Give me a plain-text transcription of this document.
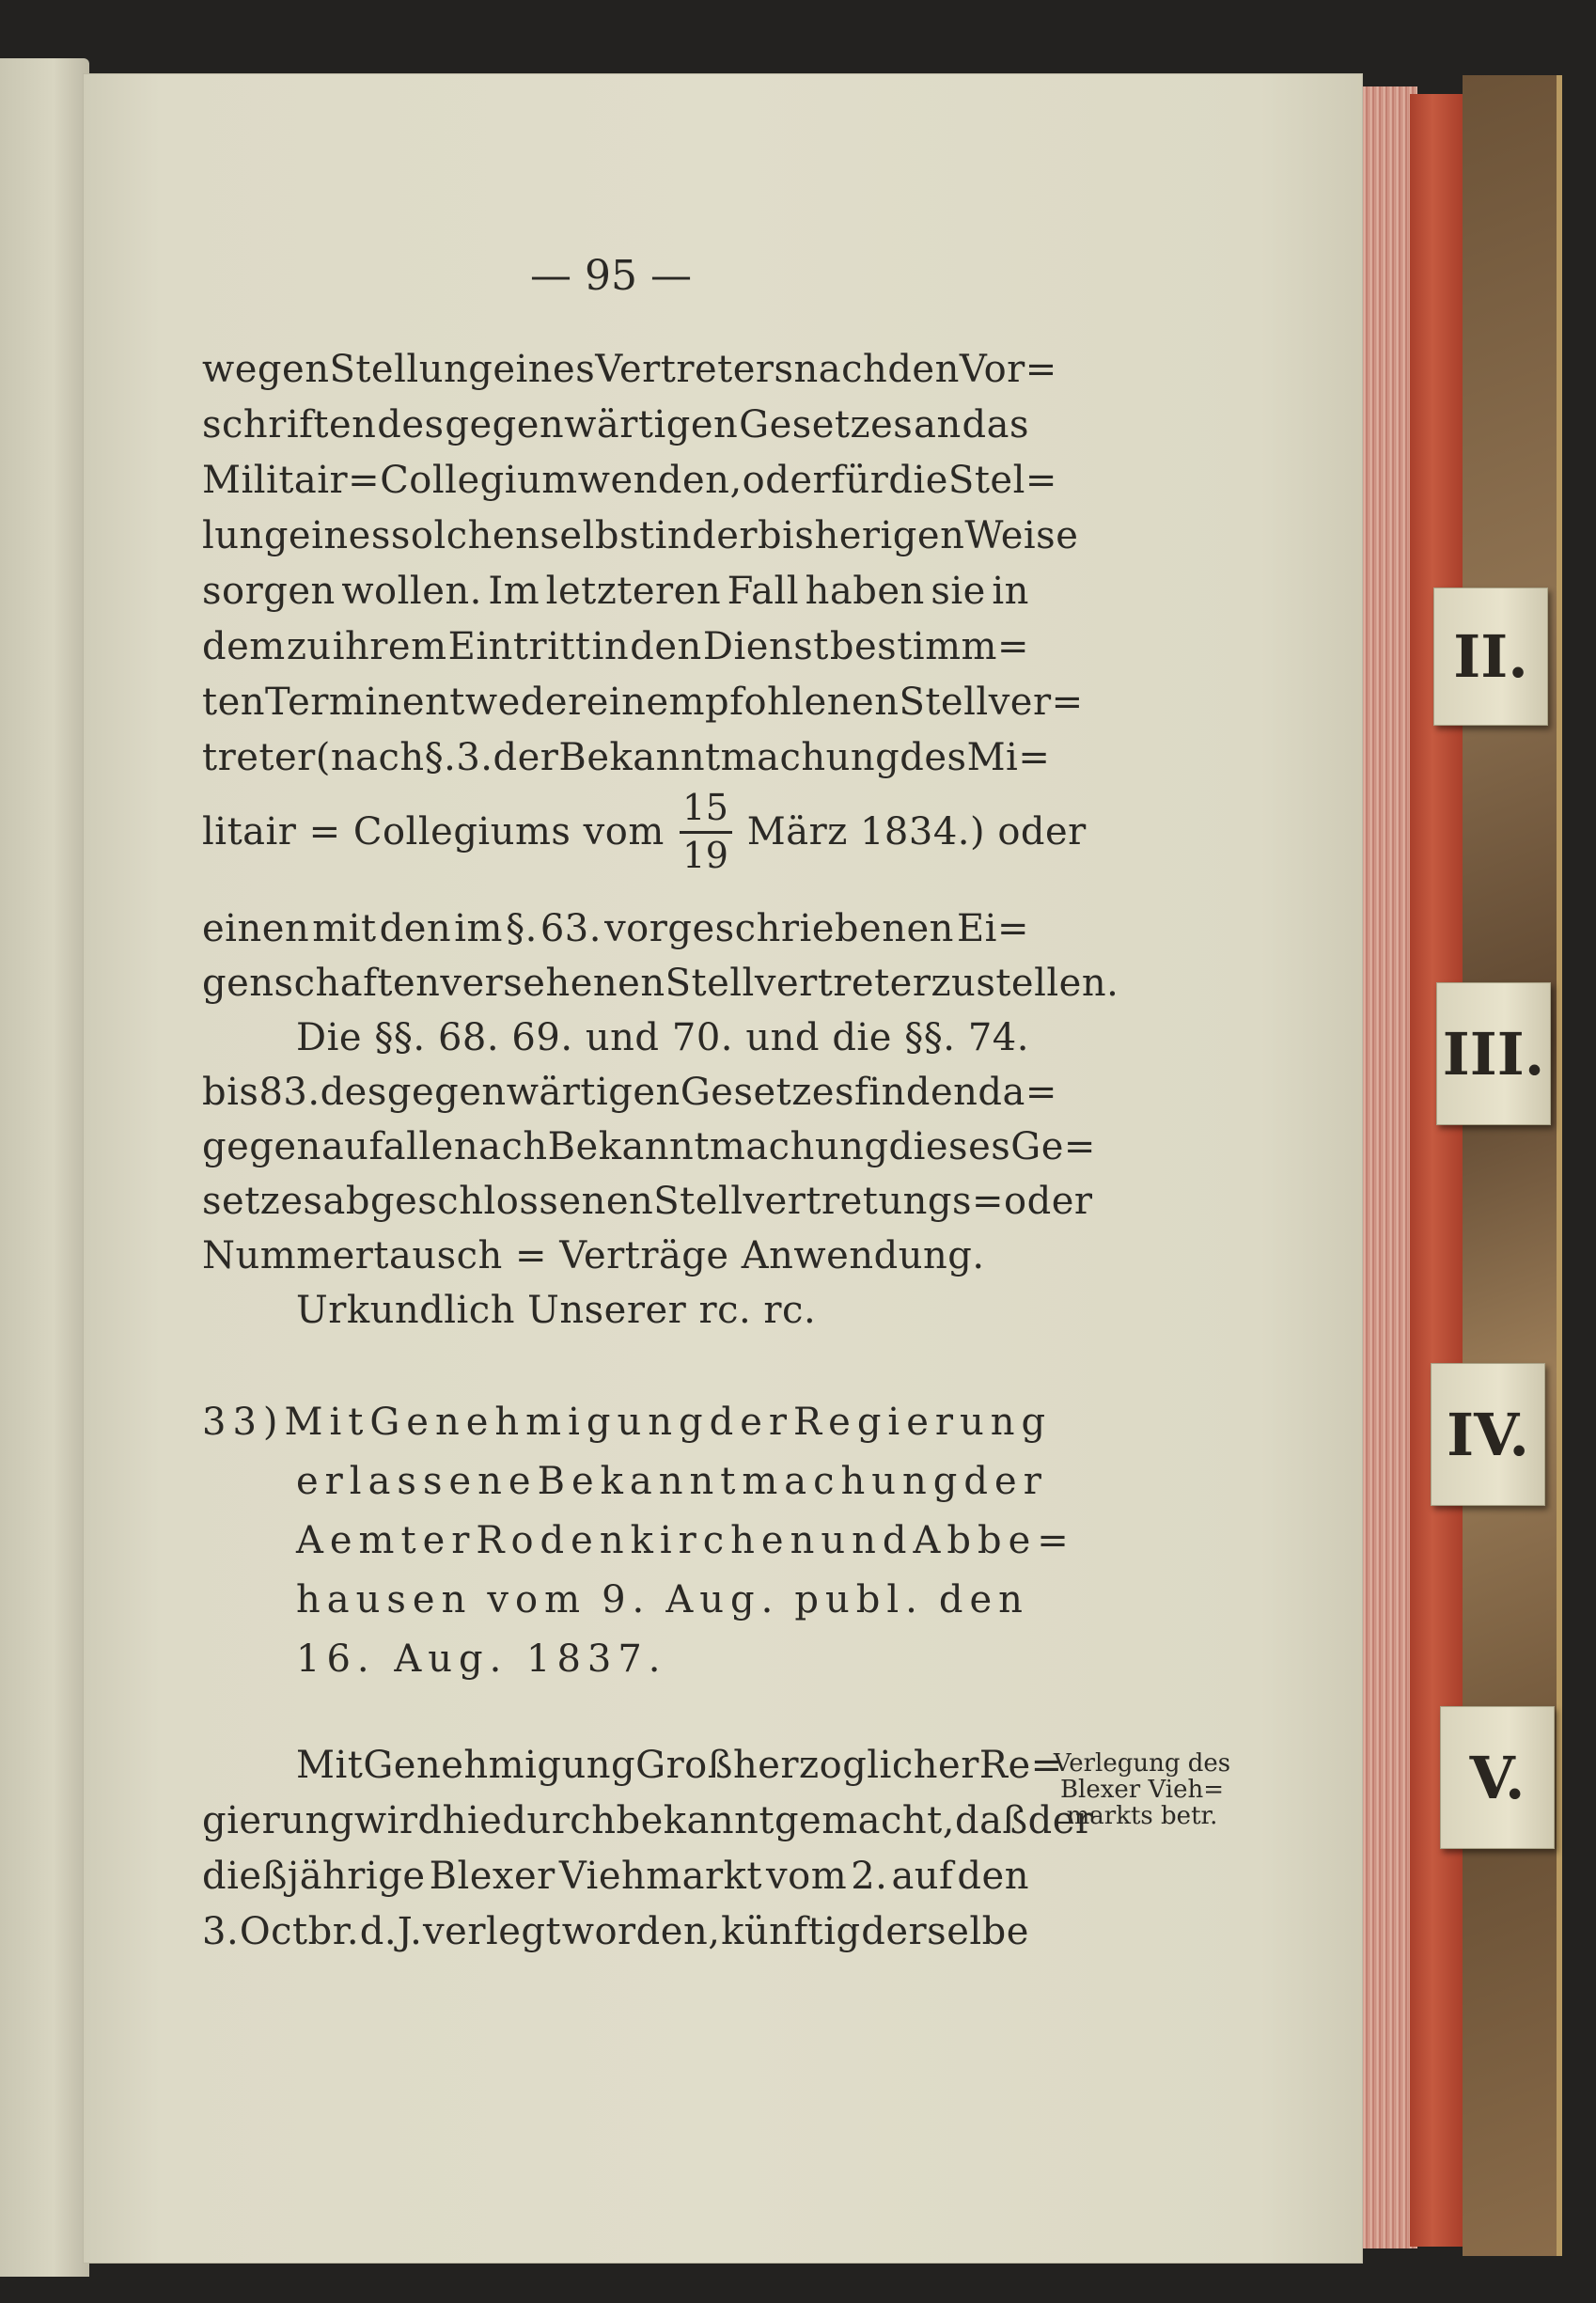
— 95 —
wegen Stellung eines Vertreters nach den Vor=
schriften des gegenwärtigen Gesetzes an das
Militair = Collegium wenden, oder für die Stel=
lung eines solchen selbst in der bisherigen Weise
sorgen wollen. Im letzteren Fall haben sie in
dem zu ihrem Eintritt in den Dienst bestimm=
ten Termin entweder ein empfohlenen Stellver=
treter (nach §. 3. der Bekanntmachung des Mi=
litair = Collegiums vom $\frac{15}{19}$ März 1834.) oder
einen mit den im §. 63. vorgeschriebenen Ei=
genschaften versehenen Stellvertreter zu stellen.
Die §§. 68. 69. und 70. und die §§. 74.
bis 83. des gegenwärtigen Gesetzes finden da=
gegen auf alle nach Bekanntmachung dieses Ge=
setzes abgeschlossenen Stellvertretungs = oder
Nummertausch = Verträge Anwendung.
Urkundlich Unserer rc. rc.
33) Mit Genehmigung der Regierung
erlassene Bekanntmachung der
Aemter Rodenkirchen und Abbe=
hausen vom 9. Aug. publ. den
16. Aug. 1837.
Mit Genehmigung Großherzoglicher Re=
gierung wird hiedurch bekannt gemacht, daß der
dießjährige Blexer Viehmarkt vom 2. auf den
3. Octbr. d. J. verlegt worden, künftig derselbe
Verlegung des Blexer Vieh= markts betr.
II.
III.
IV.
V.
